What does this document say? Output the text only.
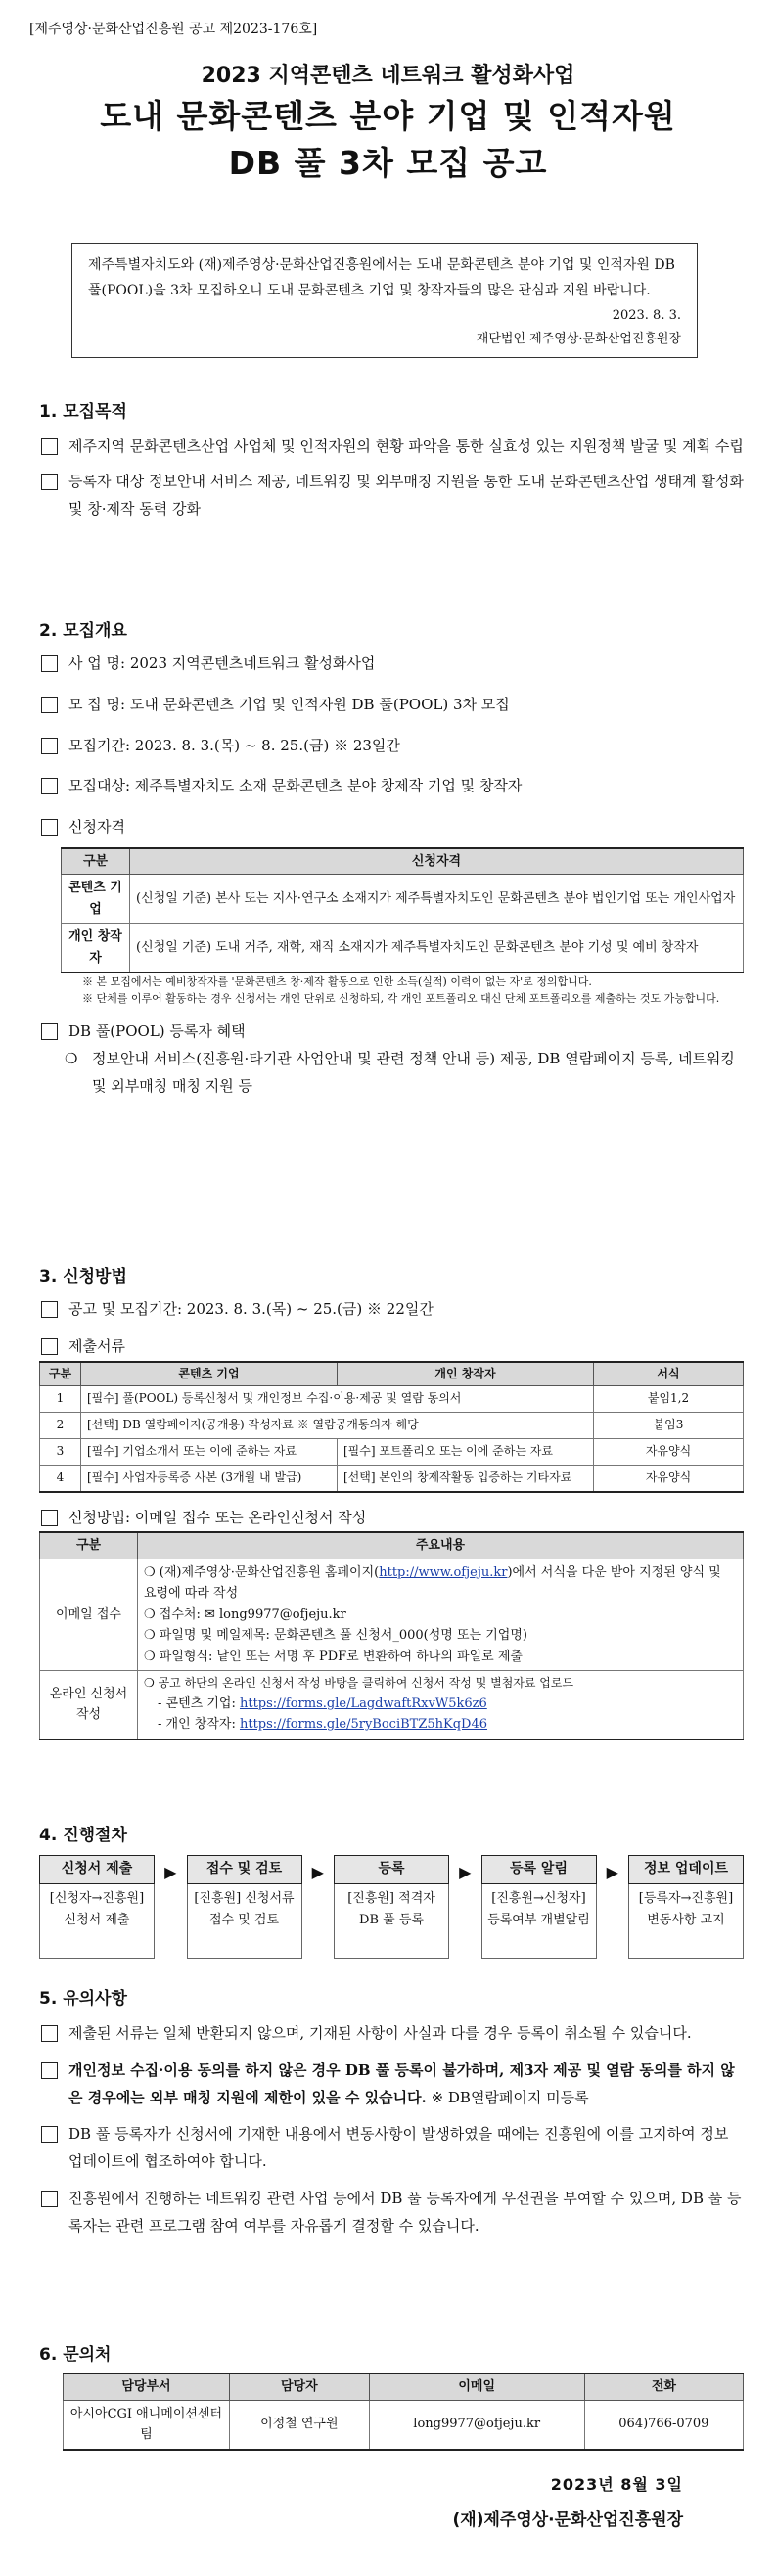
[제주영상·문화산업진흥원 공고 제2023-176호]
2023 지역콘텐츠 네트워크 활성화사업
도내 문화콘텐츠 분야 기업 및 인적자원
DB 풀 3차 모집 공고
제주특별자치도와 (재)제주영상·문화산업진흥원에서는 도내 문화콘텐츠 분야 기업 및 인적자원 DB 풀(POOL)을 3차 모집하오니 도내 문화콘텐츠 기업 및 창작자들의 많은 관심과 지원 바랍니다.
2023. 8. 3.
재단법인 제주영상·문화산업진흥원장
1. 모집목적
제주지역 문화콘텐츠산업 사업체 및 인적자원의 현황 파악을 통한 실효성 있는 지원정책 발굴 및 계획 수립
등록자 대상 정보안내 서비스 제공, 네트워킹 및 외부매칭 지원을 통한 도내 문화콘텐츠산업 생태계 활성화 및 창·제작 동력 강화
2. 모집개요
사 업 명: 2023 지역콘텐츠네트워크 활성화사업
모 집 명: 도내 문화콘텐츠 기업 및 인적자원 DB 풀(POOL) 3차 모집
모집기간: 2023. 8. 3.(목) ~ 8. 25.(금) ※ 23일간
모집대상: 제주특별자치도 소재 문화콘텐츠 분야 창제작 기업 및 창작자
신청자격
구분	신청자격
콘텐츠 기업	(신청일 기준) 본사 또는 지사·연구소 소재지가 제주특별자치도인 문화콘텐츠 분야 법인기업 또는 개인사업자
개인 창작자	(신청일 기준) 도내 거주, 재학, 재직 소재지가 제주특별자치도인 문화콘텐츠 분야 기성 및 예비 창작자
※ 본 모집에서는 예비창작자를 '문화콘텐츠 창·제작 활동으로 인한 소득(실적) 이력이 없는 자'로 정의합니다.
※ 단체를 이루어 활동하는 경우 신청서는 개인 단위로 신청하되, 각 개인 포트폴리오 대신 단체 포트폴리오를 제출하는 것도 가능합니다.
DB 풀(POOL) 등록자 혜택
❍ 정보안내 서비스(진흥원·타기관 사업안내 및 관련 정책 안내 등) 제공, DB 열람페이지 등록, 네트워킹 및 외부매칭 매칭 지원 등
3. 신청방법
공고 및 모집기간: 2023. 8. 3.(목) ~ 25.(금) ※ 22일간
제출서류
구분	콘텐츠 기업	개인 창작자	서식
1	[필수] 풀(POOL) 등록신청서 및 개인정보 수집·이용·제공 및 열람 동의서		붙임1,2
2	[선택] DB 열람페이지(공개용) 작성자료 ※ 열람공개동의자 해당		붙임3
3	[필수] 기업소개서 또는 이에 준하는 자료	[필수] 포트폴리오 또는 이에 준하는 자료	자유양식
4	[필수] 사업자등록증 사본 (3개월 내 발급)	[선택] 본인의 창제작활동 입증하는 기타자료	자유양식
신청방법: 이메일 접수 또는 온라인신청서 작성
구분	주요내용
이메일 접수	❍ (재)제주영상·문화산업진흥원 홈페이지(http://www.ofjeju.kr)에서 서식을 다운 받아 지정된 양식 및 요령에 따라 작성
❍ 접수처: ✉ long9977@ofjeju.kr
❍ 파일명 및 메일제목: 문화콘텐츠 풀 신청서_000(성명 또는 기업명)
❍ 파일형식: 낱인 또는 서명 후 PDF로 변환하여 하나의 파일로 제출

온라인 신청서 작성	❍ 공고 하단의 온라인 신청서 작성 바탕을 클릭하여 신청서 작성 및 별첨자료 업로드
- 콘텐츠 기업: https://forms.gle/LagdwaftRxvW5k6z6
- 개인 창작자: https://forms.gle/5ryBociBTZ5hKqD46
4. 진행절차
신청서 제출
[신청자→진흥원] 신청서 제출
▶	접수 및 검토
[진흥원] 신청서류 접수 및 검토
▶	등록
[진흥원] 적격자 DB 풀 등록
▶	등록 알림
[진흥원→신청자] 등록여부 개별알림
▶	정보 업데이트
[등록자→진흥원] 변동사항 고지
5. 유의사항
제출된 서류는 일체 반환되지 않으며, 기재된 사항이 사실과 다를 경우 등록이 취소될 수 있습니다.
개인정보 수집·이용 동의를 하지 않은 경우 DB 풀 등록이 불가하며, 제3자 제공 및 열람 동의를 하지 않은 경우에는 외부 매칭 지원에 제한이 있을 수 있습니다. ※ DB열람페이지 미등록
DB 풀 등록자가 신청서에 기재한 내용에서 변동사항이 발생하였을 때에는 진흥원에 이를 고지하여 정보 업데이트에 협조하여야 합니다.
진흥원에서 진행하는 네트워킹 관련 사업 등에서 DB 풀 등록자에게 우선권을 부여할 수 있으며, DB 풀 등록자는 관련 프로그램 참여 여부를 자유롭게 결정할 수 있습니다.
6. 문의처
담당부서	담당자	이메일	전화
아시아CGI 애니메이션센터팀	이정철 연구원	long9977@ofjeju.kr	064)766-0709
2023년 8월 3일
(재)제주영상·문화산업진흥원장
